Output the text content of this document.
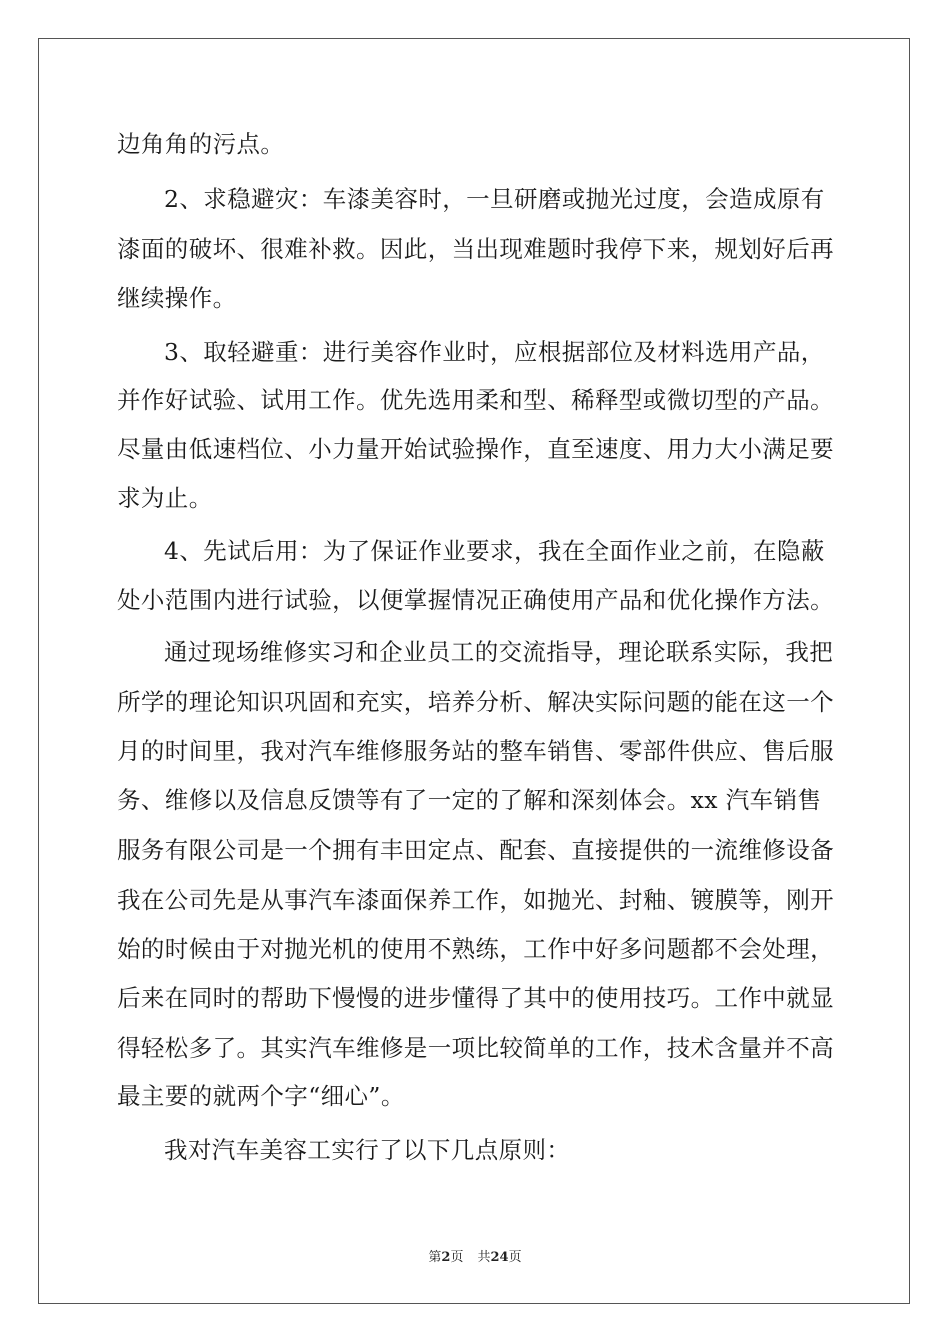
边角角的污点。
2、求稳避灾：车漆美容时，一旦研磨或抛光过度，会造成原有
漆面的破坏、很难补救。因此，当出现难题时我停下来，规划好后再
继续操作。
3、取轻避重：进行美容作业时，应根据部位及材料选用产品，
并作好试验、试用工作。优先选用柔和型、稀释型或微切型的产品。
尽量由低速档位、小力量开始试验操作，直至速度、用力大小满足要
求为止。
4、先试后用：为了保证作业要求，我在全面作业之前，在隐蔽
处小范围内进行试验，以便掌握情况正确使用产品和优化操作方法。
通过现场维修实习和企业员工的交流指导，理论联系实际，我把
所学的理论知识巩固和充实，培养分析、解决实际问题的能在这一个
月的时间里，我对汽车维修服务站的整车销售、零部件供应、售后服
务、维修以及信息反馈等有了一定的了解和深刻体会。xx 汽车销售
服务有限公司是一个拥有丰田定点、配套、直接提供的一流维修设备
我在公司先是从事汽车漆面保养工作，如抛光、封釉、镀膜等，刚开
始的时候由于对抛光机的使用不熟练，工作中好多问题都不会处理，
后来在同时的帮助下慢慢的进步懂得了其中的使用技巧。工作中就显
得轻松多了。其实汽车维修是一项比较简单的工作，技术含量并不高
最主要的就两个字“细心”。
我对汽车美容工实行了以下几点原则：
第2页 共24页
